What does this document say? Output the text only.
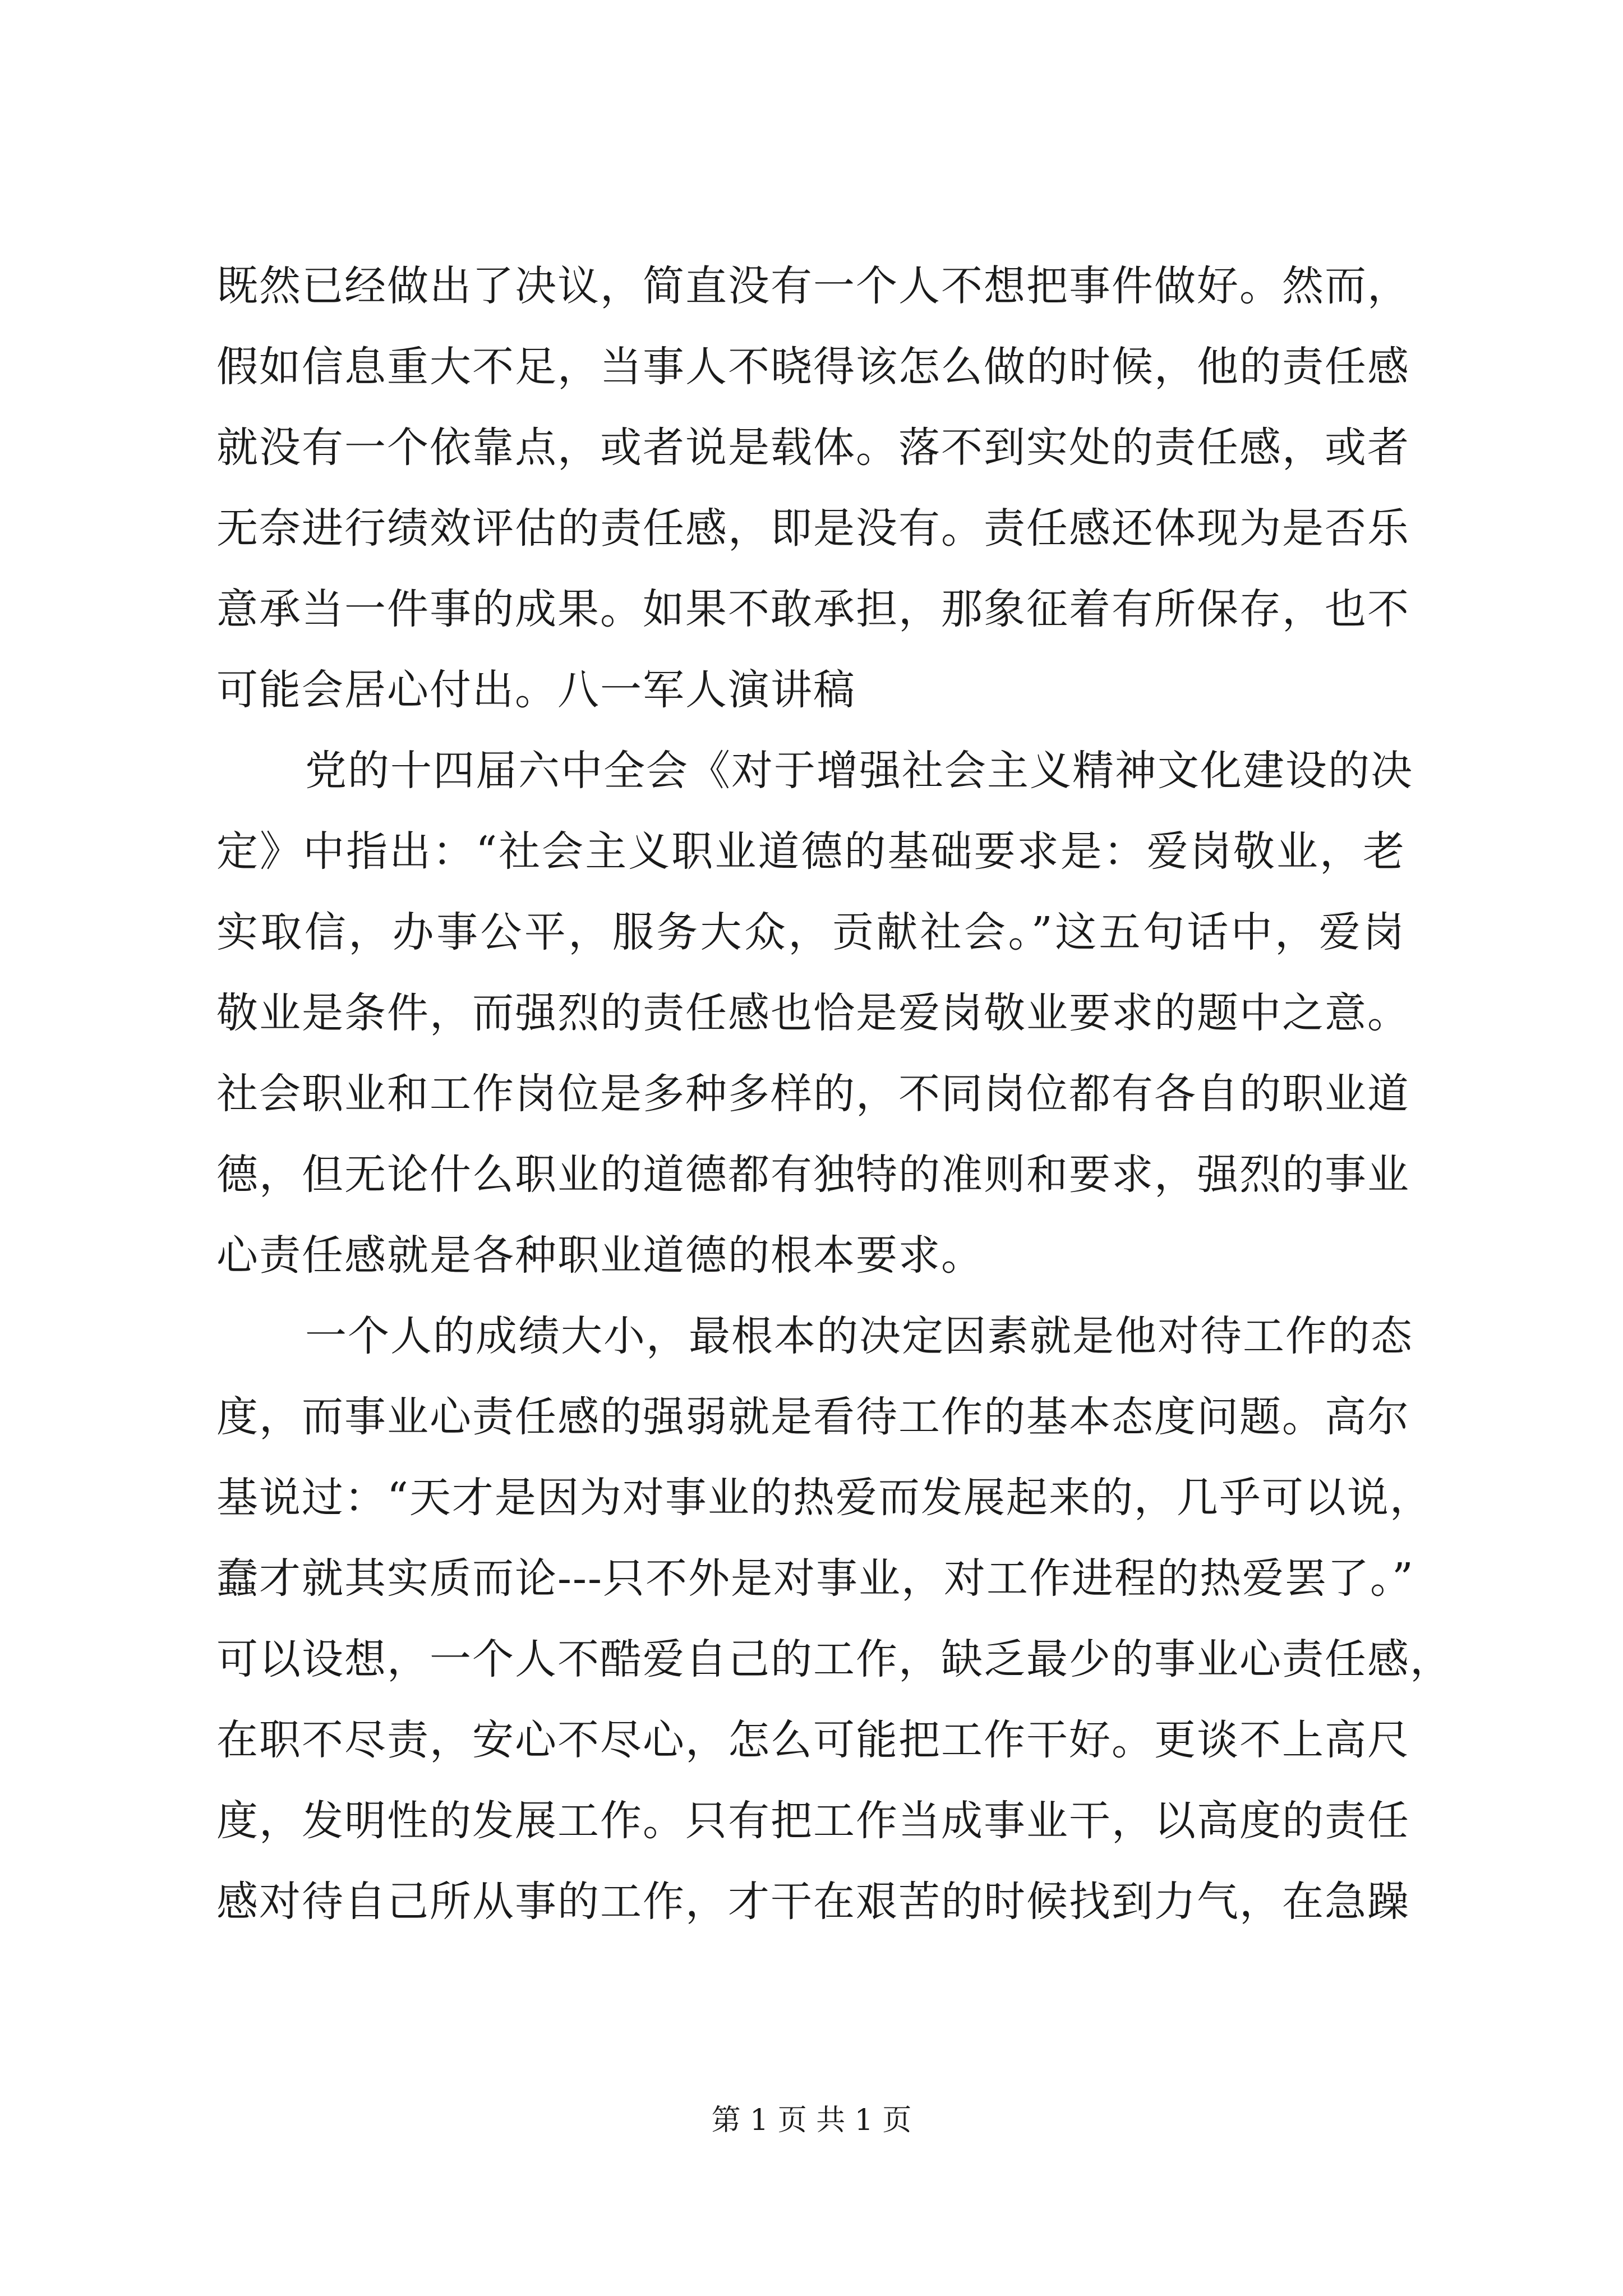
既然已经做出了决议，简直没有一个人不想把事件做好。然而，
假如信息重大不足，当事人不晓得该怎么做的时候，他的责任感
就没有一个依靠点，或者说是载体。落不到实处的责任感，或者
无奈进行绩效评估的责任感，即是没有。责任感还体现为是否乐
意承当一件事的成果。如果不敢承担，那象征着有所保存，也不
可能会居心付出。八一军人演讲稿
党的十四届六中全会《对于增强社会主义精神文化建设的决
定》中指出：“社会主义职业道德的基础要求是：爱岗敬业，老
实取信，办事公平，服务大众，贡献社会。”这五句话中，爱岗
敬业是条件，而强烈的责任感也恰是爱岗敬业要求的题中之意。
社会职业和工作岗位是多种多样的，不同岗位都有各自的职业道
德，但无论什么职业的道德都有独特的准则和要求，强烈的事业
心责任感就是各种职业道德的根本要求。
一个人的成绩大小，最根本的决定因素就是他对待工作的态
度，而事业心责任感的强弱就是看待工作的基本态度问题。高尔
基说过：“天才是因为对事业的热爱而发展起来的，几乎可以说，
蠢才就其实质而论---只不外是对事业，对工作进程的热爱罢了。”
可以设想，一个人不酷爱自己的工作，缺乏最少的事业心责任感，
在职不尽责，安心不尽心，怎么可能把工作干好。更谈不上高尺
度，发明性的发展工作。只有把工作当成事业干，以高度的责任
感对待自己所从事的工作，才干在艰苦的时候找到力气，在急躁
第 1 页 共 1 页
